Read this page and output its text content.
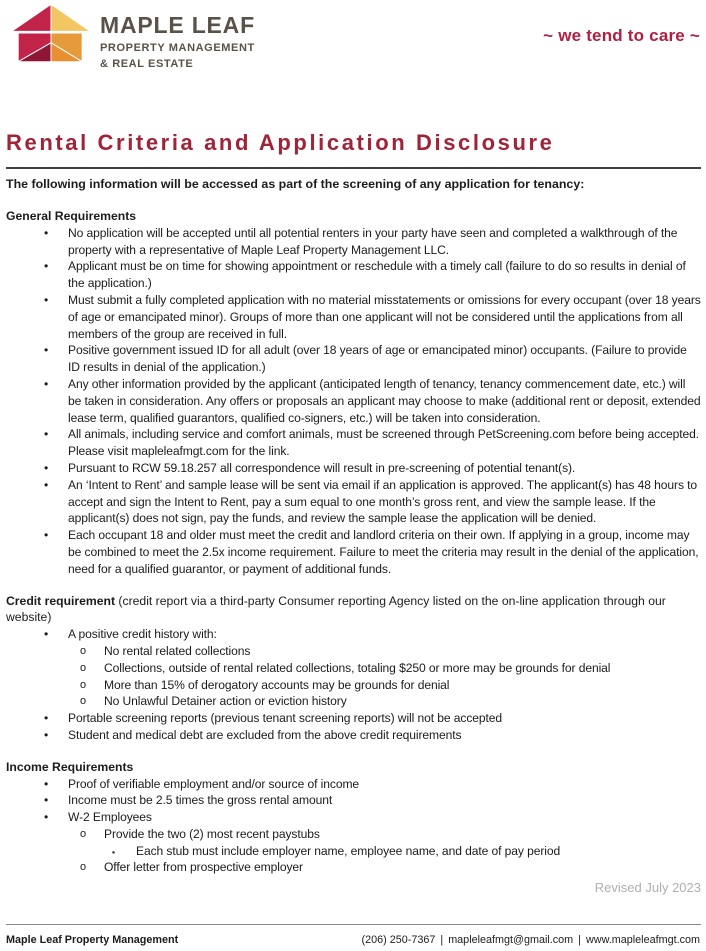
MAPLE LEAF
PROPERTY MANAGEMENT
& REAL ESTATE
~ we tend to care ~
Rental Criteria and Application Disclosure

The following information will be accessed as part of the screening of any application for tenancy:

General Requirements
• No application will be accepted until all potential renters in your party have seen and completed a walkthrough of the property with a representative of Maple Leaf Property Management LLC.
• Applicant must be on time for showing appointment or reschedule with a timely call (failure to do so results in denial of the application.)
• Must submit a fully completed application with no material misstatements or omissions for every occupant (over 18 years of age or emancipated minor). Groups of more than one applicant will not be considered until the applications from all members of the group are received in full.
• Positive government issued ID for all adult (over 18 years of age or emancipated minor) occupants. (Failure to provide ID results in denial of the application.)
• Any other information provided by the applicant (anticipated length of tenancy, tenancy commencement date, etc.) will be taken in consideration. Any offers or proposals an applicant may choose to make (additional rent or deposit, extended lease term, qualified guarantors, qualified co-signers, etc.) will be taken into consideration.
• All animals, including service and comfort animals, must be screened through PetScreening.com before being accepted. Please visit mapleleafmgt.com for the link.
• Pursuant to RCW 59.18.257 all correspondence will result in pre-screening of potential tenant(s).
• An ‘Intent to Rent’ and sample lease will be sent via email if an application is approved. The applicant(s) has 48 hours to accept and sign the Intent to Rent, pay a sum equal to one month’s gross rent, and view the sample lease. If the applicant(s) does not sign, pay the funds, and review the sample lease the application will be denied.
• Each occupant 18 and older must meet the credit and landlord criteria on their own. If applying in a group, income may be combined to meet the 2.5x income requirement. Failure to meet the criteria may result in the denial of the application, need for a qualified guarantor, or payment of additional funds.
Credit requirement (credit report via a third-party Consumer reporting Agency listed on the on-line application through our website)
• A positive credit history with:
o No rental related collections
o Collections, outside of rental related collections, totaling $250 or more may be grounds for denial
o More than 15% of derogatory accounts may be grounds for denial
o No Unlawful Detainer action or eviction history
• Portable screening reports (previous tenant screening reports) will not be accepted
• Student and medical debt are excluded from the above credit requirements
Income Requirements
• Proof of verifiable employment and/or source of income
• Income must be 2.5 times the gross rental amount
• W-2 Employees
o Provide the two (2) most recent paystubs
▪ Each stub must include employer name, employee name, and date of pay period
o Offer letter from prospective employer
Revised July 2023
Maple Leaf Property Management	(206) 250-7367 | mapleleafmgt@gmail.com | www.mapleleafmgt.com
